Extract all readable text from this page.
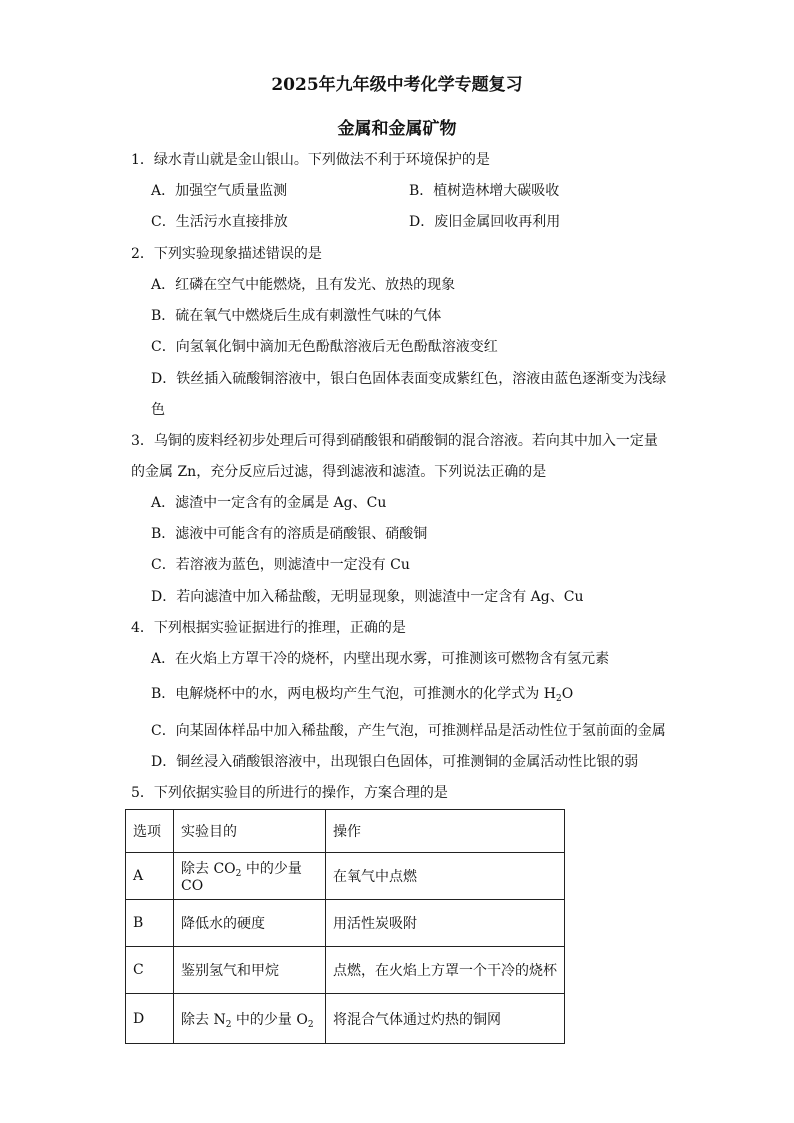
2025年九年级中考化学专题复习
金属和金属矿物
1．绿水青山就是金山银山。下列做法不利于环境保护的是
A．加强空气质量监测	B．植树造林增大碳吸收
C．生活污水直接排放	D．废旧金属回收再利用
2．下列实验现象描述错误的是
A．红磷在空气中能燃烧，且有发光、放热的现象
B．硫在氧气中燃烧后生成有刺激性气味的气体
C．向氢氧化铜中滴加无色酚酞溶液后无色酚酞溶液变红
D．铁丝插入硫酸铜溶液中，银白色固体表面变成紫红色，溶液由蓝色逐渐变为浅绿
色
3．乌铜的废料经初步处理后可得到硝酸银和硝酸铜的混合溶液。若向其中加入一定量
的金属 Zn，充分反应后过滤，得到滤液和滤渣。下列说法正确的是
A．滤渣中一定含有的金属是 Ag、Cu
B．滤液中可能含有的溶质是硝酸银、硝酸铜
C．若溶液为蓝色，则滤渣中一定没有 Cu
D．若向滤渣中加入稀盐酸，无明显现象，则滤渣中一定含有 Ag、Cu
4．下列根据实验证据进行的推理，正确的是
A．在火焰上方罩干冷的烧杯，内壁出现水雾，可推测该可燃物含有氢元素
B．电解烧杯中的水，两电极均产生气泡，可推测水的化学式为 $H_2O$
C．向某固体样品中加入稀盐酸，产生气泡，可推测样品是活动性位于氢前面的金属
D．铜丝浸入硝酸银溶液中，出现银白色固体，可推测铜的金属活动性比银的弱
5．下列依据实验目的所进行的操作，方案合理的是
选项	实验目的	操作
A	除去 $CO_2$ 中的少量 CO	在氧气中点燃
B	降低水的硬度	用活性炭吸附
C	鉴别氢气和甲烷	点燃，在火焰上方罩一个干冷的烧杯
D	除去 $N_2$ 中的少量 $O_2$	将混合气体通过灼热的铜网
